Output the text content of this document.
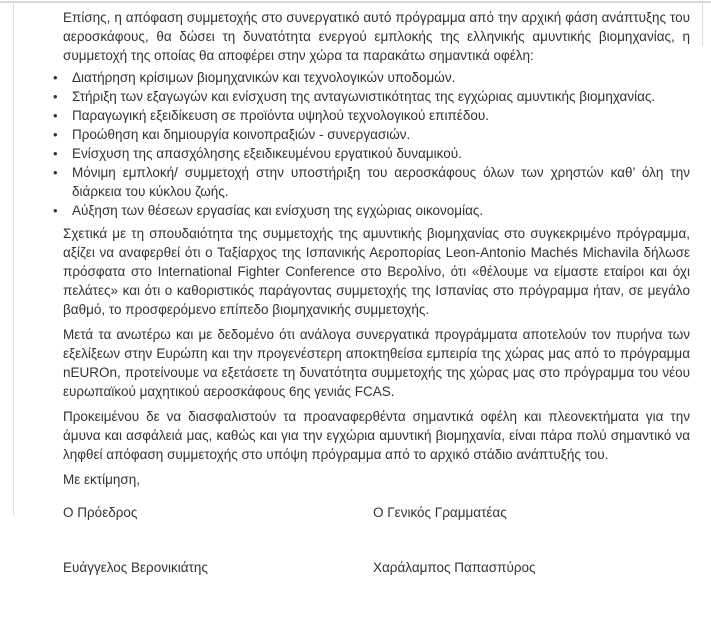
Επίσης, η απόφαση συμμετοχής στο συνεργατικό αυτό πρόγραμμα από την αρχική φάση ανάπτυξης του αεροσκάφους, θα δώσει τη δυνατότητα ενεργού εμπλοκής της ελληνικής αμυντικής βιομηχανίας, η συμμετοχή της οποίας θα αποφέρει στην χώρα τα παρακάτω σημαντικά οφέλη:

• Διατήρηση κρίσιμων βιομηχανικών και τεχνολογικών υποδομών.
• Στήριξη των εξαγωγών και ενίσχυση της ανταγωνιστικότητας της εγχώριας αμυντικής βιομηχανίας.
• Παραγωγική εξειδίκευση σε προϊόντα υψηλού τεχνολογικού επιπέδου.
• Προώθηση και δημιουργία κοινοπραξιών - συνεργασιών.
• Ενίσχυση της απασχόλησης εξειδικευμένου εργατικού δυναμικού.
• Μόνιμη εμπλοκή/ συμμετοχή στην υποστήριξη του αεροσκάφους όλων των χρηστών καθ’ όλη την διάρκεια του κύκλου ζωής.
• Αύξηση των θέσεων εργασίας και ενίσχυση της εγχώριας οικονομίας.

Σχετικά με τη σπουδαιότητα της συμμετοχής της αμυντικής βιομηχανίας στο συγκεκριμένο πρόγραμμα, αξίζει να αναφερθεί ότι ο Ταξίαρχος της Ισπανικής Αεροπορίας Leon-Antonio Machés Michavila δήλωσε πρόσφατα στο International Fighter Conference στο Βερολίνο, ότι «θέλουμε να είμαστε εταίροι και όχι πελάτες» και ότι ο καθοριστικός παράγοντας συμμετοχής της Ισπανίας στο πρόγραμμα ήταν, σε μεγάλο βαθμό, το προσφερόμενο επίπεδο βιομηχανικής συμμετοχής.

Μετά τα ανωτέρω και με δεδομένο ότι ανάλογα συνεργατικά προγράμματα αποτελούν τον πυρήνα των εξελίξεων στην Ευρώπη και την προγενέστερη αποκτηθείσα εμπειρία της χώρας μας από το πρόγραμμα nEUROn, προτείνουμε να εξετάσετε τη δυνατότητα συμμετοχής της χώρας μας στο πρόγραμμα του νέου ευρωπαϊκού μαχητικού αεροσκάφους 6ης γενιάς FCAS.

Προκειμένου δε να διασφαλιστούν τα προαναφερθέντα σημαντικά οφέλη και πλεονεκτήματα για την άμυνα και ασφάλειά μας, καθώς και για την εγχώρια αμυντική βιομηχανία, είναι πάρα πολύ σημαντικό να ληφθεί απόφαση συμμετοχής στο υπόψη πρόγραμμα από το αρχικό στάδιο ανάπτυξής του.

Με εκτίμηση,

Ο Πρόεδρος	Ο Γενικός Γραμματέας
Ευάγγελος Βερονικιάτης	Χαράλαμπος Παπασπύρος
